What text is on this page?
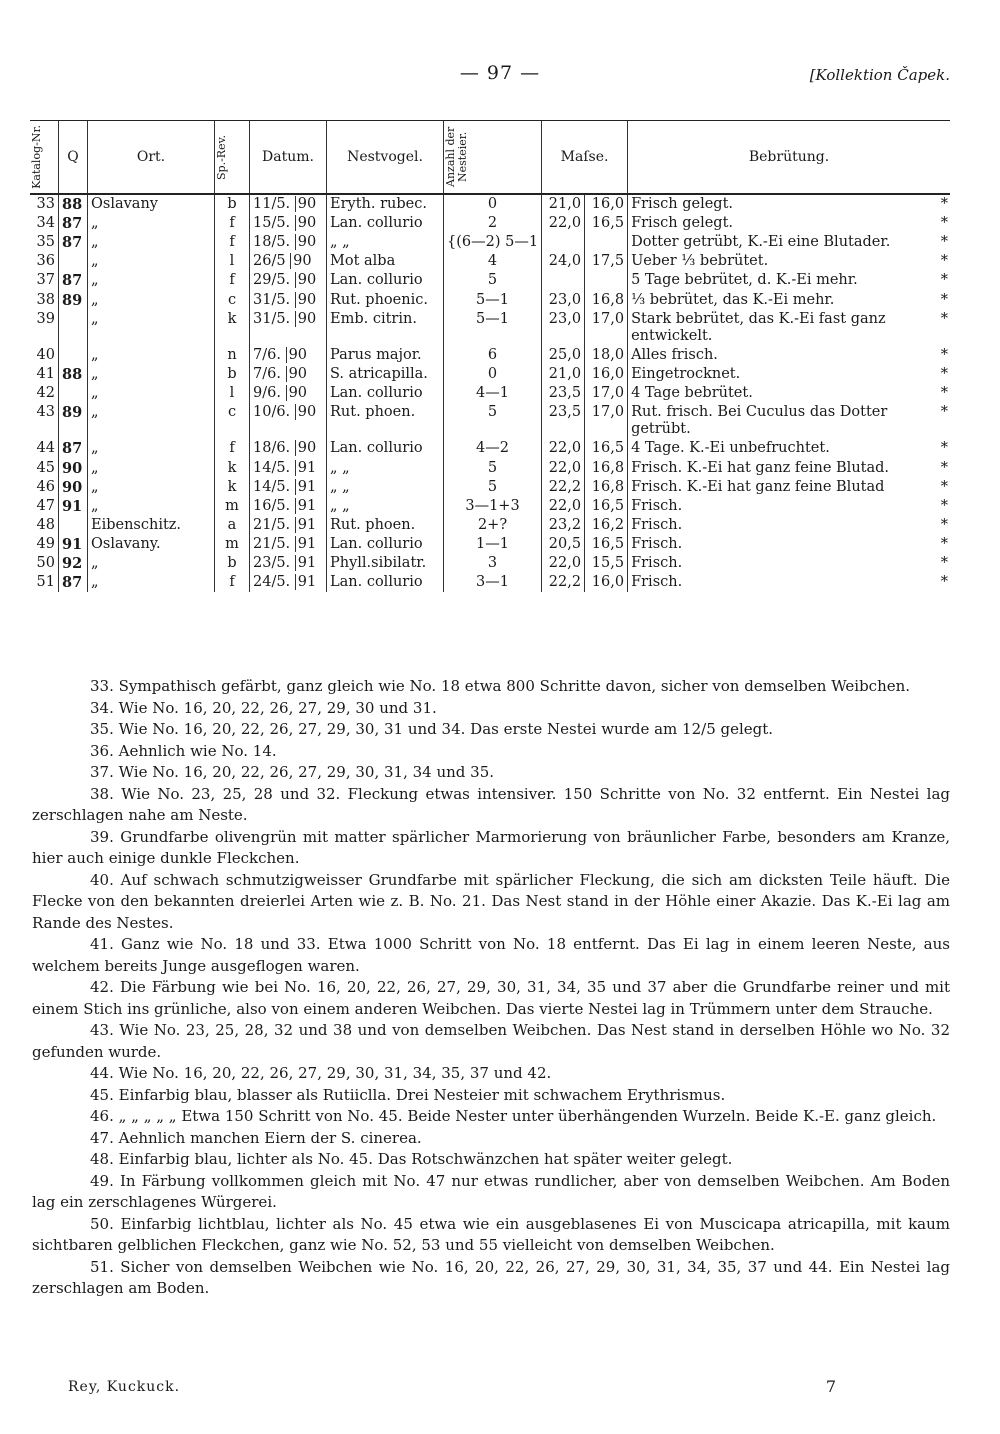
— 97 —	[Kollektion Čapek.
Katalog-Nr.	Q	Ort.	Sp.-Rev.	Datum.	Nestvogel.	Anzahl der Nesteier.	Maſse.		Bebrütung.
33	88	Oslavany	b	11/5. 90	Eryth. rubec.	0	21,0	16,0	Frisch gelegt. *

34	87	„	f	15/5. 90	Lan. collurio	2	22,0	16,5	Frisch gelegt. *

35	87	„	f	18/5. 90	„ „	{(6—2) 5—1			Dotter getrübt, K.-Ei eine Blutader. *

36		„	l	26/5 90	Mot alba	4	24,0	17,5	Ueber ⅓ bebrütet. *

37	87	„	f	29/5. 90	Lan. collurio	5			5 Tage bebrütet, d. K.-Ei mehr. *

38	89	„	c	31/5. 90	Rut. phoenic.	5—1	23,0	16,8	⅓ bebrütet, das K.-Ei mehr. *

39		„	k	31/5. 90	Emb. citrin.	5—1	23,0	17,0	Stark bebrütet, das K.-Ei fast ganz entwickelt.
*

40		„	n	7/6. 90	Parus major.	6	25,0	18,0	Alles frisch. *

41	88	„	b	7/6. 90	S. atricapilla.	0	21,0	16,0	Eingetrocknet. *

42		„	l	9/6. 90	Lan. collurio	4—1	23,5	17,0	4 Tage bebrütet. *

43	89	„	c	10/6. 90	Rut. phoen.	5	23,5	17,0	Rut. frisch. Bei Cuculus das Dotter getrübt.
*

44	87	„	f	18/6. 90	Lan. collurio	4—2	22,0	16,5	4 Tage. K.-Ei unbefruchtet. *

45	90	„	k	14/5. 91	„ „	5	22,0	16,8	Frisch. K.-Ei hat ganz feine Blutad. *

46	90	„	k	14/5. 91	„ „	5	22,2	16,8	Frisch. K.-Ei hat ganz feine Blutad *

47	91	„	m	16/5. 91	„ „	3—1+3	22,0	16,5	Frisch. *

48		Eibenschitz.	a	21/5. 91	Rut. phoen.	2+?	23,2	16,2	Frisch. *

49	91	Oslavany.	m	21/5. 91	Lan. collurio	1—1	20,5	16,5	Frisch. *

50	92	„	b	23/5. 91	Phyll.sibilatr.	3	22,0	15,5	Frisch. *

51	87	„	f	24/5. 91	Lan. collurio	3—1	22,2	16,0	Frisch. *

33. Sympathisch gefärbt, ganz gleich wie No. 18 etwa 800 Schritte davon, sicher von demselben Weibchen.

34. Wie No. 16, 20, 22, 26, 27, 29, 30 und 31.

35. Wie No. 16, 20, 22, 26, 27, 29, 30, 31 und 34. Das erste Nestei wurde am 12/5 gelegt.

36. Aehnlich wie No. 14.

37. Wie No. 16, 20, 22, 26, 27, 29, 30, 31, 34 und 35.

38. Wie No. 23, 25, 28 und 32. Fleckung etwas intensiver. 150 Schritte von No. 32 entfernt. Ein Nestei lag zerschlagen nahe am Neste.

39. Grundfarbe olivengrün mit matter spärlicher Marmorierung von bräunlicher Farbe, besonders am Kranze, hier auch einige dunkle Fleckchen.

40. Auf schwach schmutzigweisser Grundfarbe mit spärlicher Fleckung, die sich am dicksten Teile häuft. Die Flecke von den bekannten dreierlei Arten wie z. B. No. 21. Das Nest stand in der Höhle einer Akazie. Das K.-Ei lag am Rande des Nestes.

41. Ganz wie No. 18 und 33. Etwa 1000 Schritt von No. 18 entfernt. Das Ei lag in einem leeren Neste, aus welchem bereits Junge ausgeflogen waren.

42. Die Färbung wie bei No. 16, 20, 22, 26, 27, 29, 30, 31, 34, 35 und 37 aber die Grundfarbe reiner und mit einem Stich ins grünliche, also von einem anderen Weibchen. Das vierte Nestei lag in Trümmern unter dem Strauche.

43. Wie No. 23, 25, 28, 32 und 38 und von demselben Weibchen. Das Nest stand in derselben Höhle wo No. 32 gefunden wurde.

44. Wie No. 16, 20, 22, 26, 27, 29, 30, 31, 34, 35, 37 und 42.

45. Einfarbig blau, blasser als Rutiiclla. Drei Nesteier mit schwachem Erythrismus.

46. „ „ „ „ „ Etwa 150 Schritt von No. 45. Beide Nester unter überhängenden Wurzeln. Beide K.-E. ganz gleich.

47. Aehnlich manchen Eiern der S. cinerea.

48. Einfarbig blau, lichter als No. 45. Das Rotschwänzchen hat später weiter gelegt.

49. In Färbung vollkommen gleich mit No. 47 nur etwas rundlicher, aber von demselben Weibchen. Am Boden lag ein zerschlagenes Würgerei.

50. Einfarbig lichtblau, lichter als No. 45 etwa wie ein ausgeblasenes Ei von Muscicapa atricapilla, mit kaum sichtbaren gelblichen Fleckchen, ganz wie No. 52, 53 und 55 vielleicht von demselben Weibchen.

51. Sicher von demselben Weibchen wie No. 16, 20, 22, 26, 27, 29, 30, 31, 34, 35, 37 und 44. Ein Nestei lag zerschlagen am Boden.

Rey, Kuckuck.	7
